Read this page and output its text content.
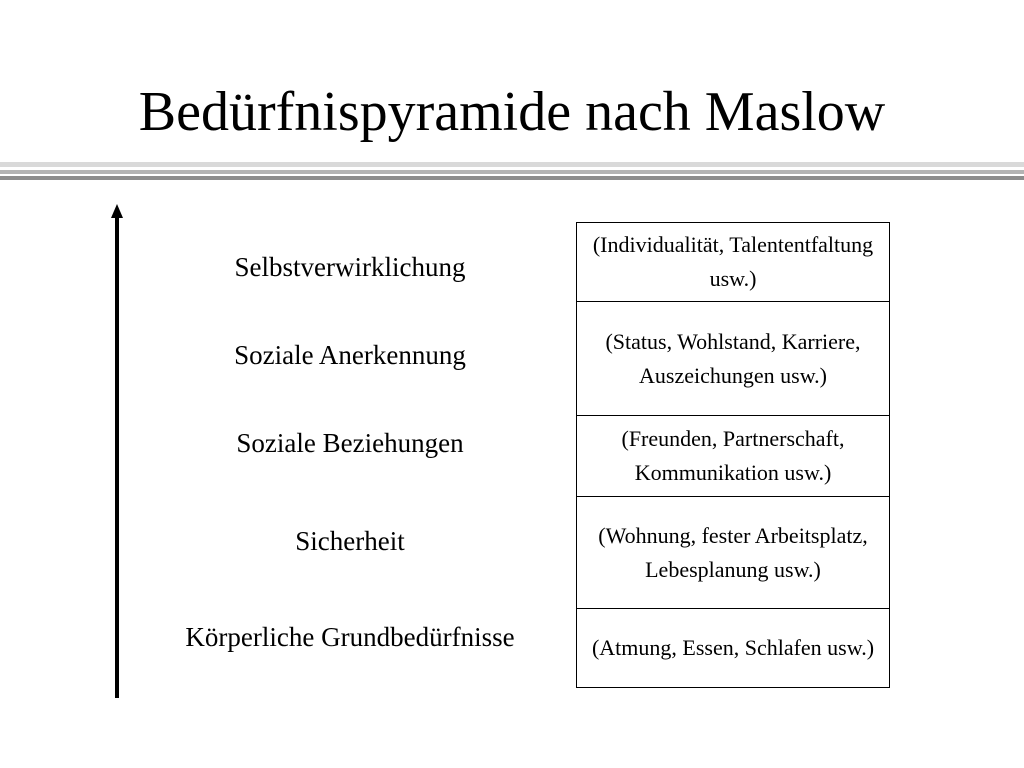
Bedürfnispyramide nach Maslow
Selbstverwirklichung
Soziale Anerkennung
Soziale Beziehungen
Sicherheit
Körperliche Grundbedürfnisse
(Individualität, Talententfaltung usw.)
(Status, Wohlstand, Karriere, Auszeichungen usw.)
(Freunden, Partnerschaft, Kommunikation usw.)
(Wohnung, fester Arbeitsplatz, Lebesplanung usw.)
(Atmung, Essen, Schlafen usw.)
